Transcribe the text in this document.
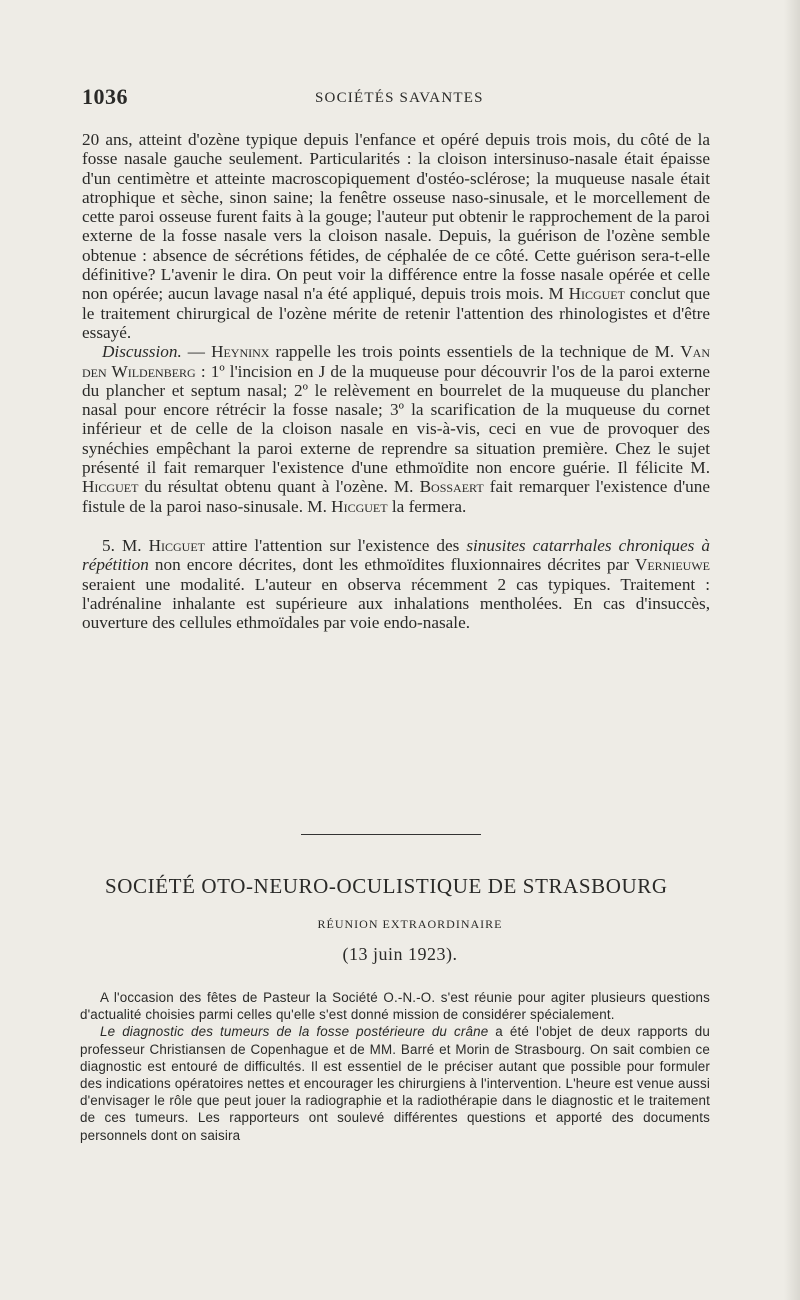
1036	SOCIÉTÉS SAVANTES

20 ans, atteint d'ozène typique depuis l'enfance et opéré depuis trois mois, du côté de la fosse nasale gauche seulement. Particularités : la cloison intersinuso-nasale était épaisse d'un centimètre et atteinte macroscopiquement d'ostéo-sclérose; la muqueuse nasale était atrophique et sèche, sinon saine; la fenêtre osseuse naso-sinusale, et le morcellement de cette paroi osseuse furent faits à la gouge; l'auteur put obtenir le rapprochement de la paroi externe de la fosse nasale vers la cloison nasale. Depuis, la guérison de l'ozène semble obtenue : absence de sécrétions fétides, de céphalée de ce côté. Cette guérison sera-t-elle définitive? L'avenir le dira. On peut voir la différence entre la fosse nasale opérée et celle non opérée; aucun lavage nasal n'a été appliqué, depuis trois mois. M Hicguet conclut que le traitement chirurgical de l'ozène mérite de retenir l'attention des rhinologistes et d'être essayé.

Discussion. — Heyninx rappelle les trois points essentiels de la technique de M. Van den Wildenberg : 1º l'incision en J de la muqueuse pour découvrir l'os de la paroi externe du plancher et septum nasal; 2º le relèvement en bourrelet de la muqueuse du plancher nasal pour encore rétrécir la fosse nasale; 3º la scarification de la muqueuse du cornet inférieur et de celle de la cloison nasale en vis-à-vis, ceci en vue de provoquer des synéchies empêchant la paroi externe de reprendre sa situation première. Chez le sujet présenté il fait remarquer l'existence d'une ethmoïdite non encore guérie. Il félicite M. Hicguet du résultat obtenu quant à l'ozène. M. Bossaert fait remarquer l'existence d'une fistule de la paroi naso-sinusale. M. Hicguet la fermera.

5. M. Hicguet attire l'attention sur l'existence des sinusites catarrhales chroniques à répétition non encore décrites, dont les ethmoïdites fluxionnaires décrites par Vernieuwe seraient une modalité. L'auteur en observa récemment 2 cas typiques. Traitement : l'adrénaline inhalante est supérieure aux inhalations mentholées. En cas d'insuccès, ouverture des cellules ethmoïdales par voie endo-nasale.

SOCIÉTÉ OTO-NEURO-OCULISTIQUE DE STRASBOURG
RÉUNION EXTRAORDINAIRE
(13 juin 1923).

A l'occasion des fêtes de Pasteur la Société O.-N.-O. s'est réunie pour agiter plusieurs questions d'actualité choisies parmi celles qu'elle s'est donné mission de considérer spécialement.

Le diagnostic des tumeurs de la fosse postérieure du crâne a été l'objet de deux rapports du professeur Christiansen de Copenhague et de MM. Barré et Morin de Strasbourg. On sait combien ce diagnostic est entouré de difficultés. Il est essentiel de le préciser autant que possible pour formuler des indications opératoires nettes et encourager les chirurgiens à l'intervention. L'heure est venue aussi d'envisager le rôle que peut jouer la radiographie et la radiothérapie dans le diagnostic et le traitement de ces tumeurs. Les rapporteurs ont soulevé différentes questions et apporté des documents personnels dont on saisira
